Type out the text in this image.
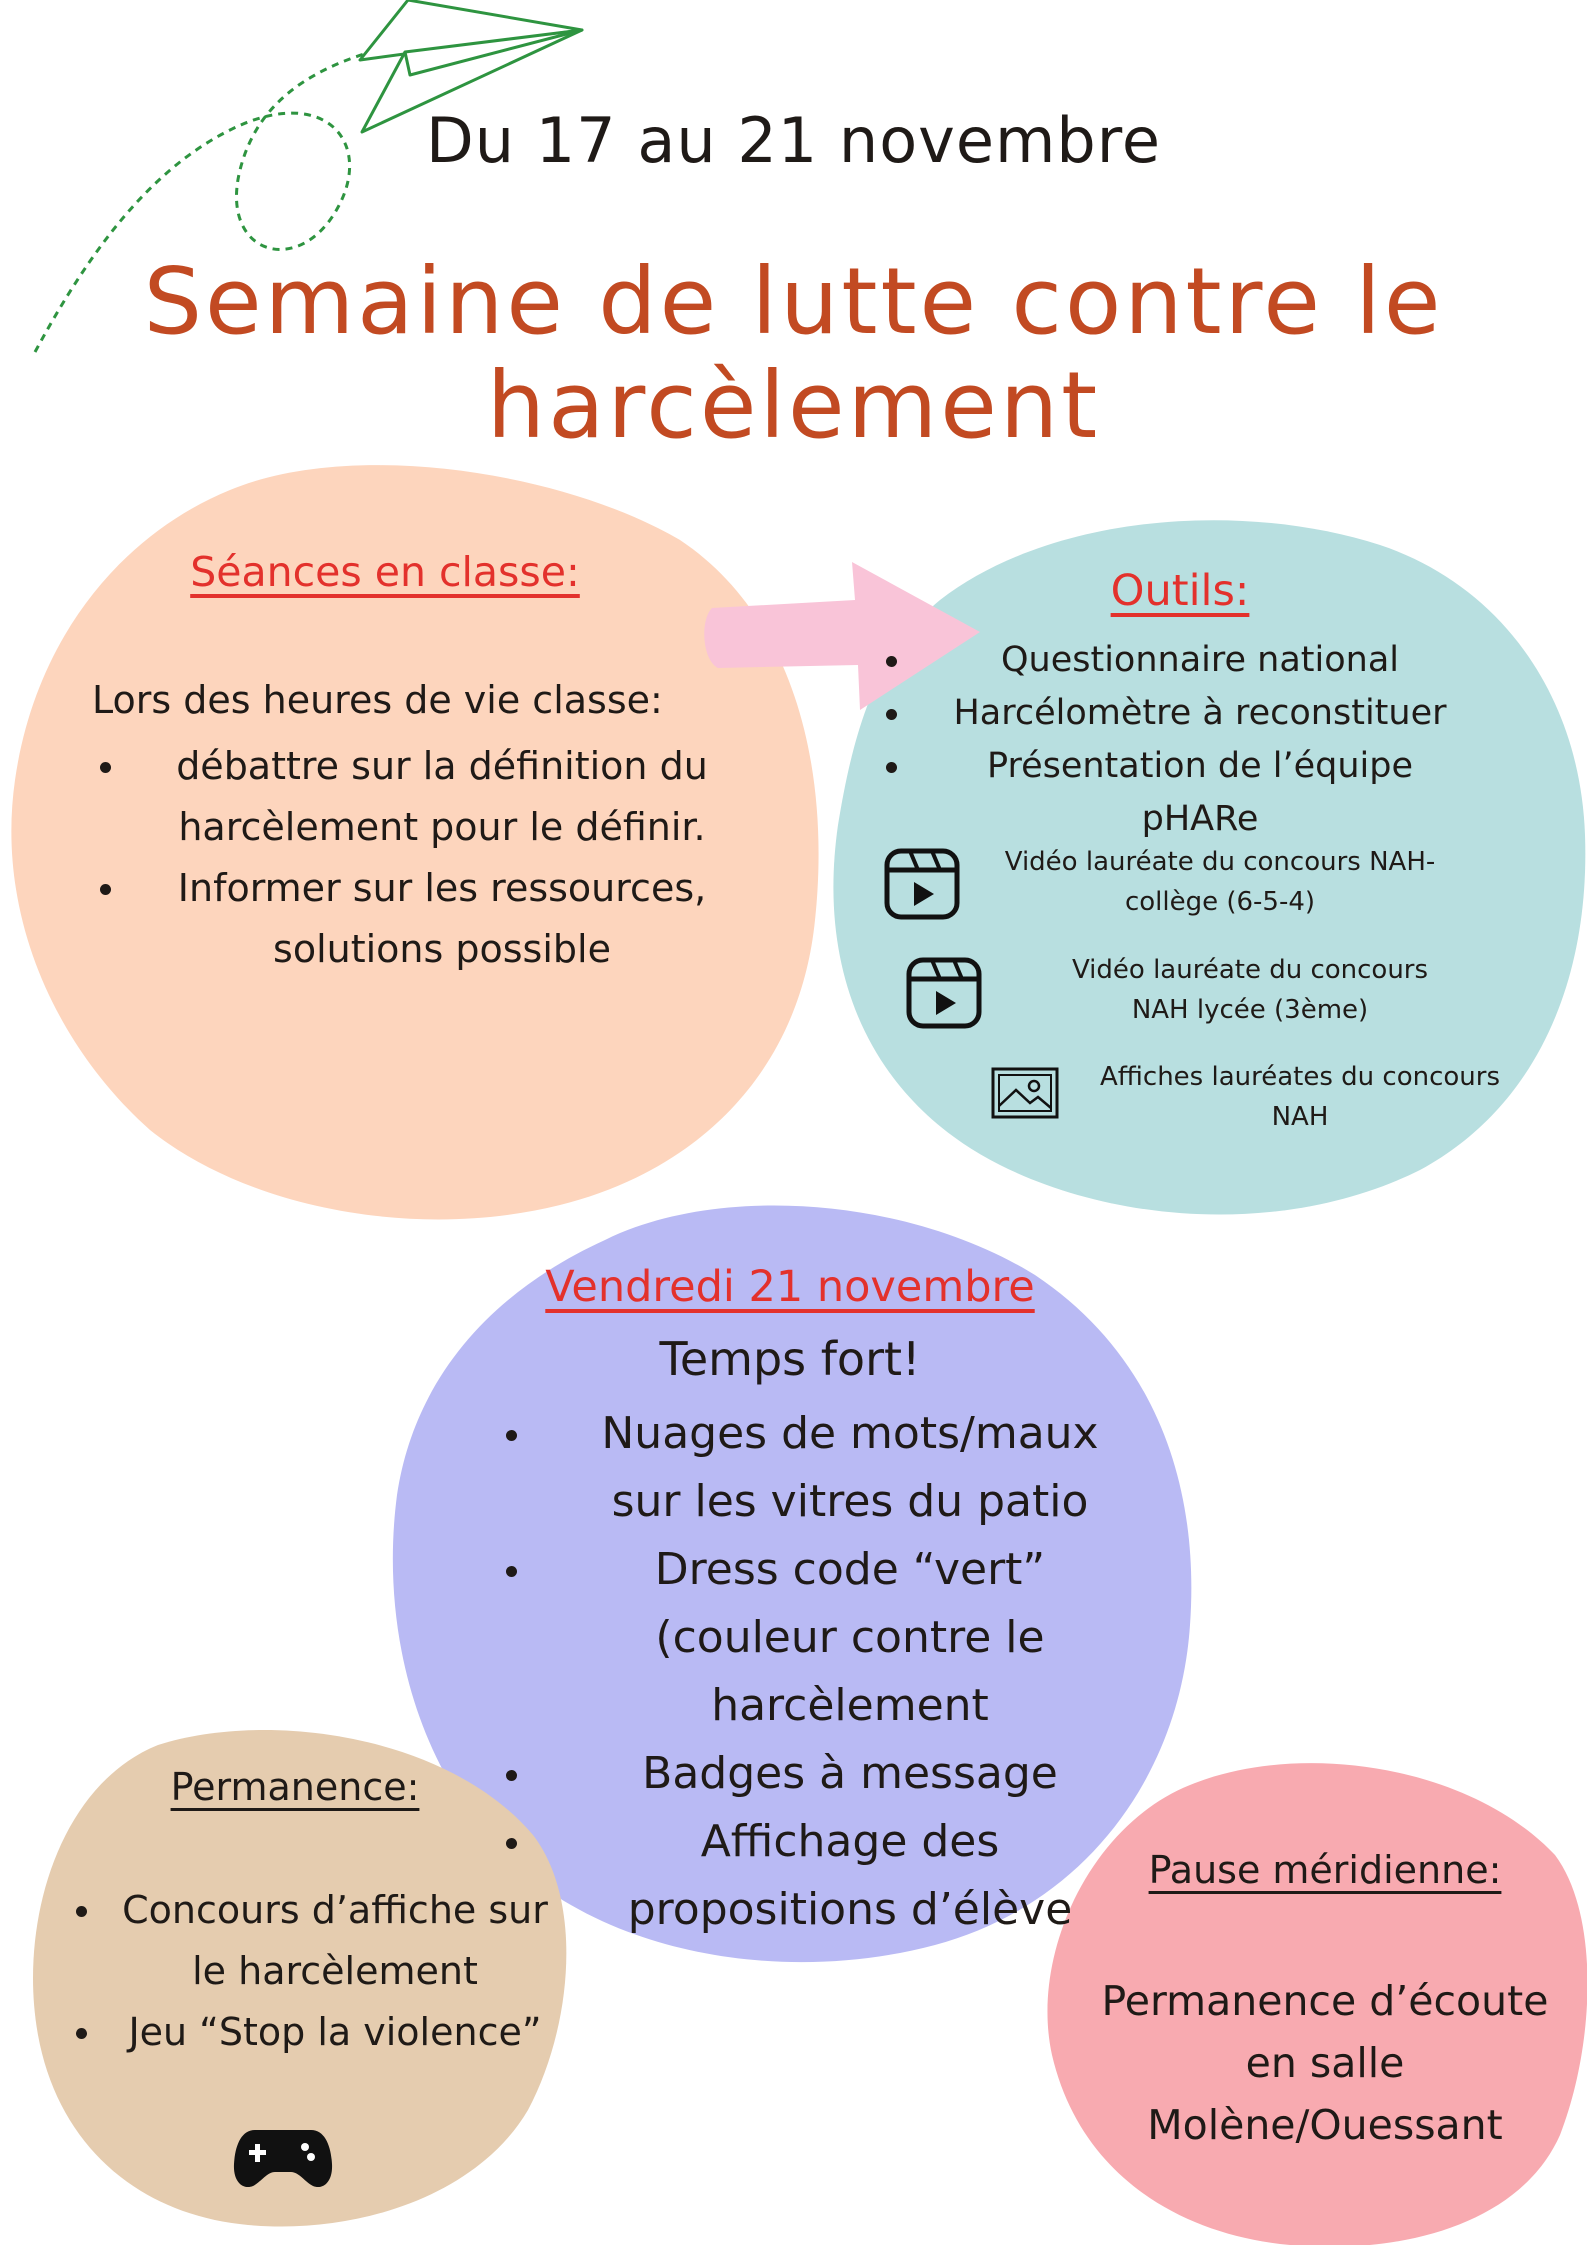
Du 17 au 21 novembre
Semaine de lutte contre le harcèlement
Séances en classe:
Lors des heures de vie classe:
débattre sur la définition du harcèlement pour le définir.
Informer sur les ressources, solutions possible
Outils:
Questionnaire national
Harcélomètre à reconstituer
Présentation de l’équipe pHARe
Vidéo lauréate du concours NAH-collège (6-5-4)
Vidéo lauréate du concours NAH lycée (3ème)
Affiches lauréates du concours NAH
Vendredi 21 novembre
Temps fort!
Nuages de mots/maux sur les vitres du patio
Dress code “vert” (couleur contre le harcèlement
Badges à message
Affichage des propositions d’élève
Permanence:
Concours d’affiche sur le harcèlement
Jeu “Stop la violence”
Pause méridienne:
Permanence d’écoute en salle Molène/Ouessant
